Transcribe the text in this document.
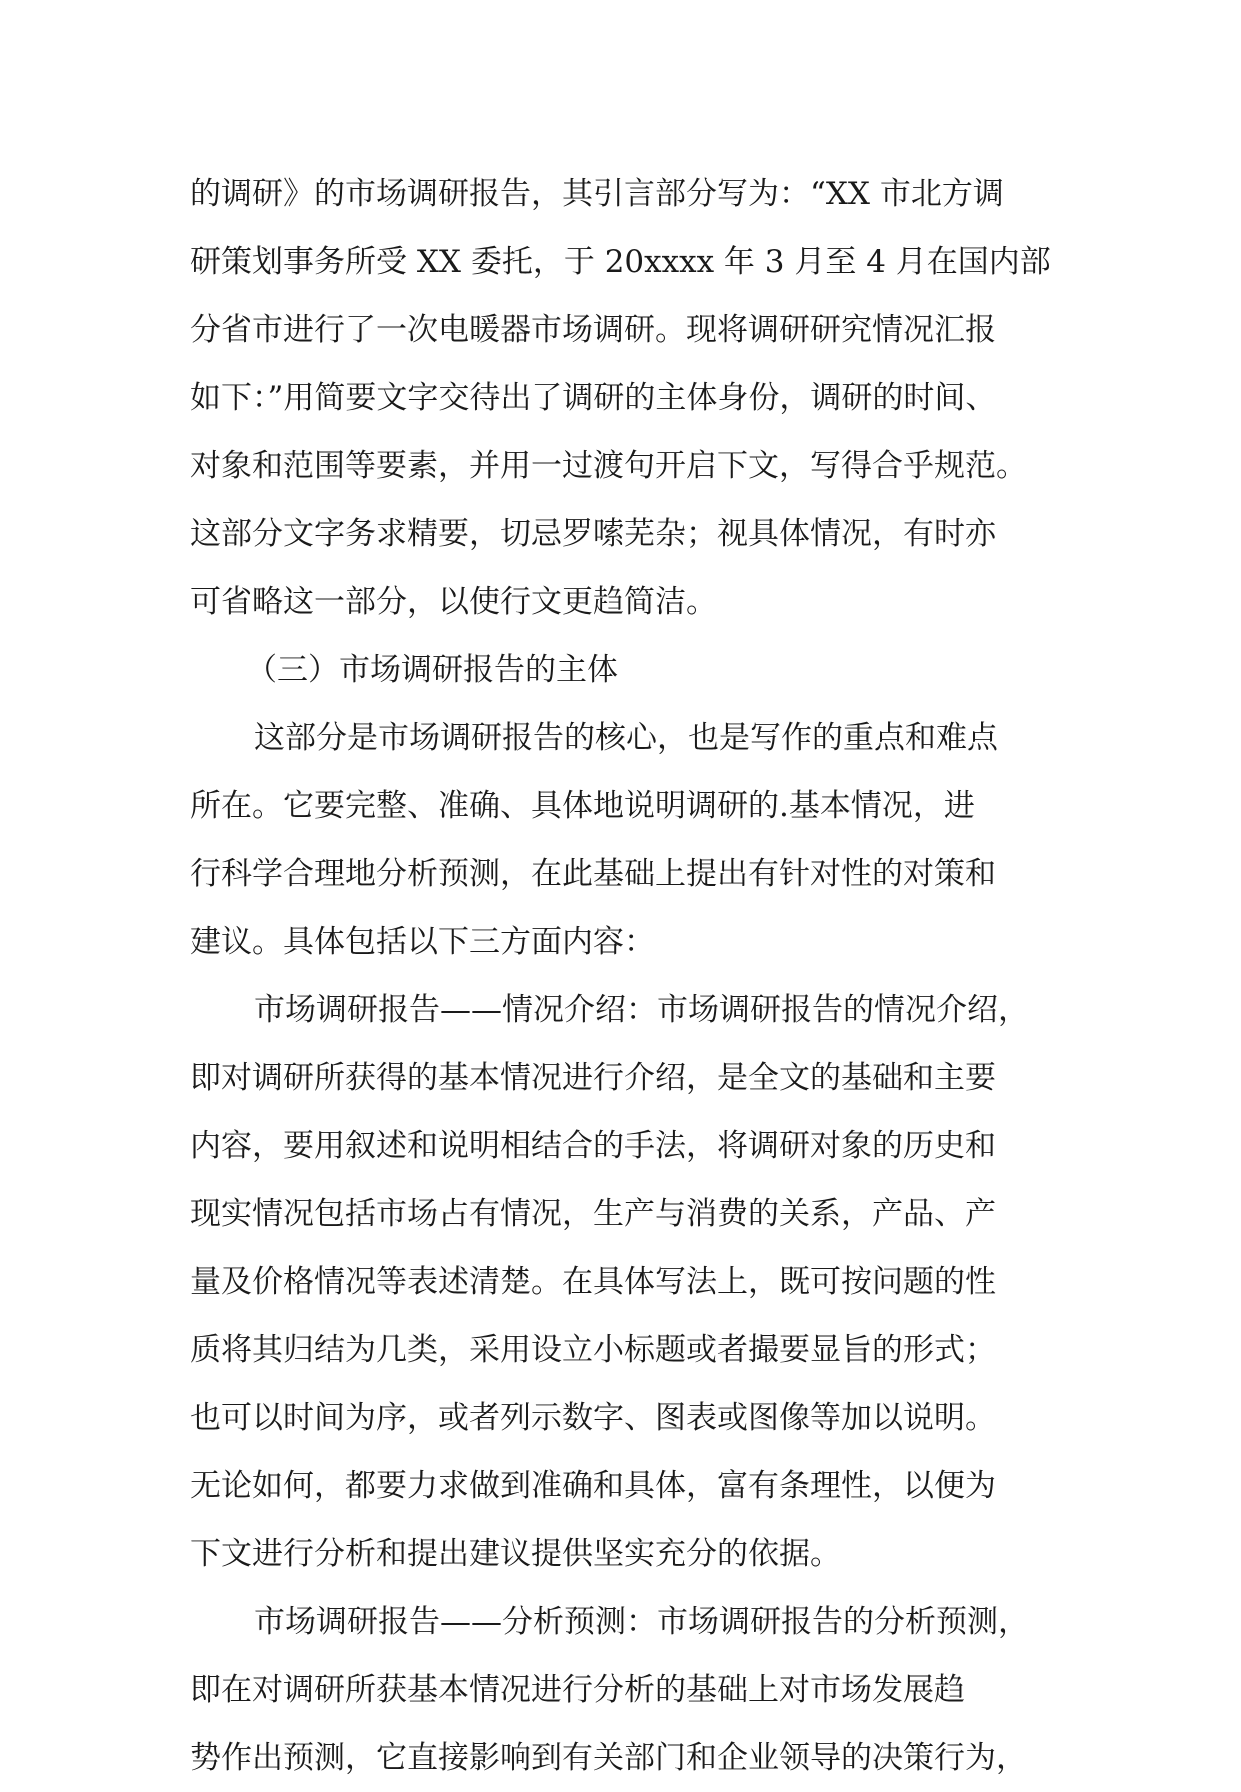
的调研》的市场调研报告，其引言部分写为：“XX 市北方调
研策划事务所受 XX 委托，于 20xxxx 年 3 月至 4 月在国内部
分省市进行了一次电暖器市场调研。现将调研研究情况汇报
如下：”用简要文字交待出了调研的主体身份，调研的时间、
对象和范围等要素，并用一过渡句开启下文，写得合乎规范。
这部分文字务求精要，切忌罗嗦芜杂；视具体情况，有时亦
可省略这一部分，以使行文更趋简洁。
（三）市场调研报告的主体
这部分是市场调研报告的核心，也是写作的重点和难点
所在。它要完整、准确、具体地说明调研的.基本情况，进
行科学合理地分析预测，在此基础上提出有针对性的对策和
建议。具体包括以下三方面内容：
市场调研报告——情况介绍：市场调研报告的情况介绍，
即对调研所获得的基本情况进行介绍，是全文的基础和主要
内容，要用叙述和说明相结合的手法，将调研对象的历史和
现实情况包括市场占有情况，生产与消费的关系，产品、产
量及价格情况等表述清楚。在具体写法上，既可按问题的性
质将其归结为几类，采用设立小标题或者撮要显旨的形式；
也可以时间为序，或者列示数字、图表或图像等加以说明。
无论如何，都要力求做到准确和具体，富有条理性，以便为
下文进行分析和提出建议提供坚实充分的依据。
市场调研报告——分析预测：市场调研报告的分析预测，
即在对调研所获基本情况进行分析的基础上对市场发展趋
势作出预测，它直接影响到有关部门和企业领导的决策行为，
